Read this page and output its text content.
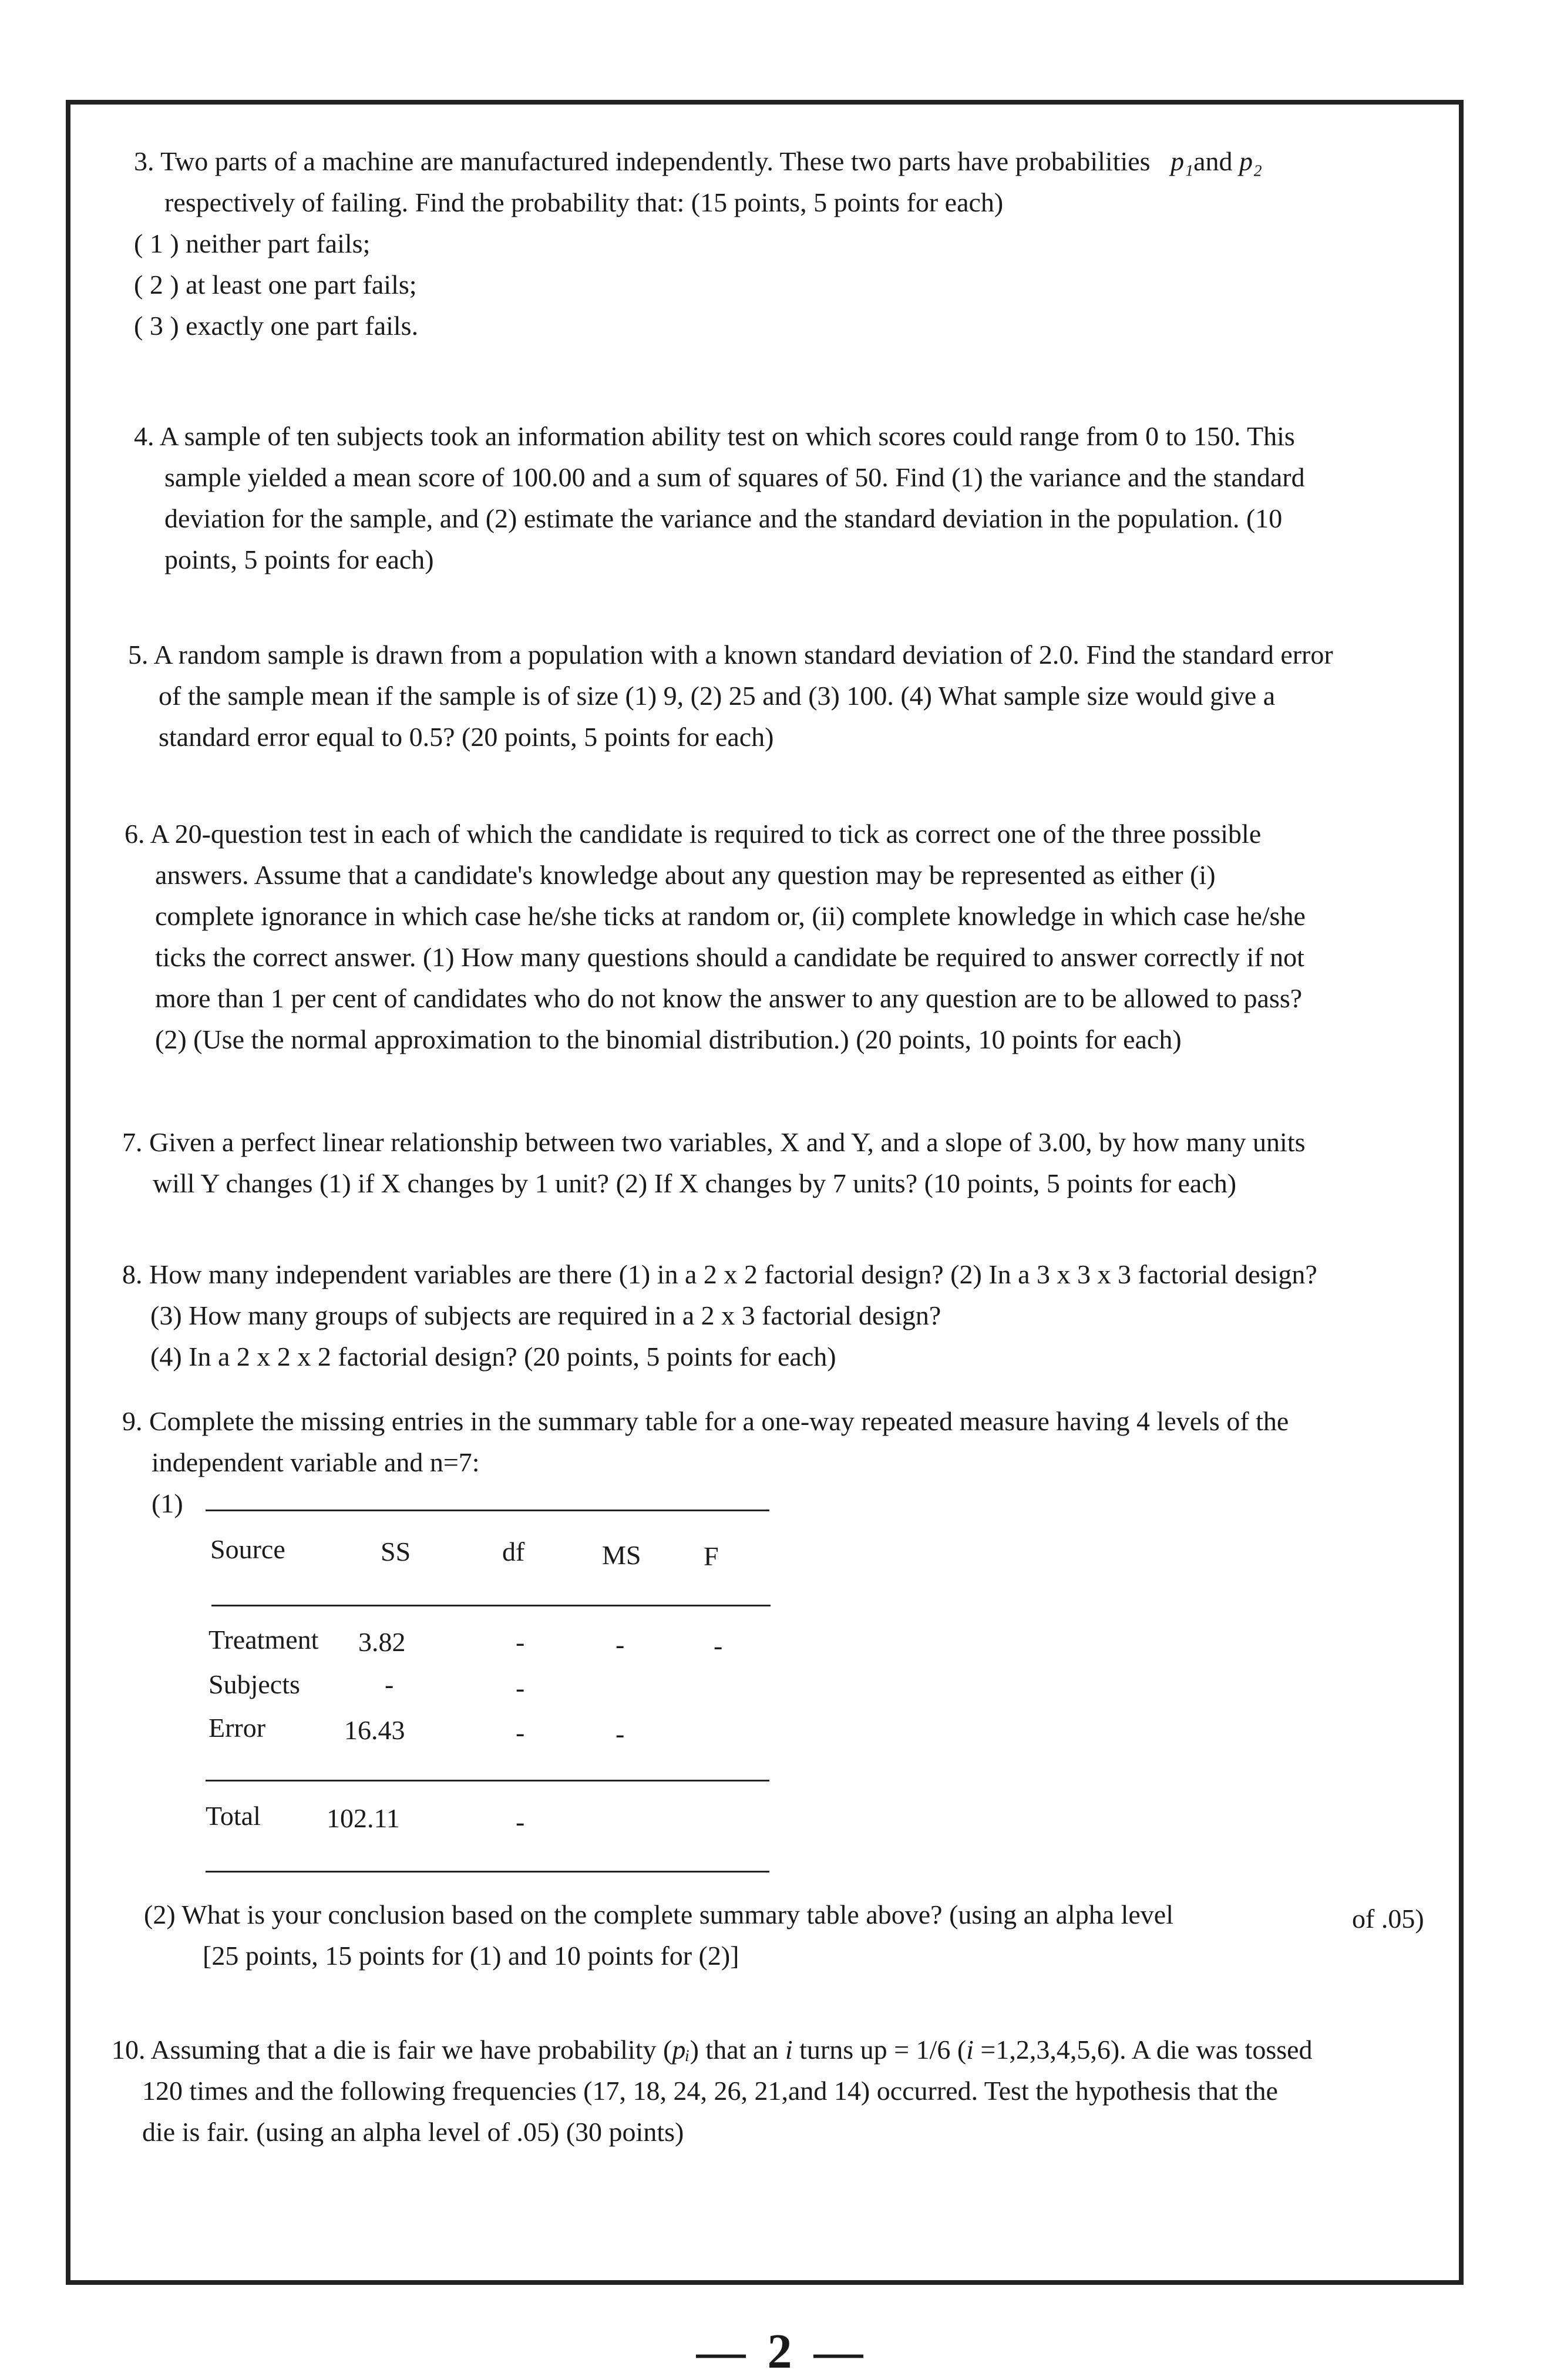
3. Two parts of a machine are manufactured independently. These two parts have probabilities p₁and p₂
respectively of failing. Find the probability that: (15 points, 5 points for each)
( 1 ) neither part fails;
( 2 ) at least one part fails;
( 3 ) exactly one part fails.
4. A sample of ten subjects took an information ability test on which scores could range from 0 to 150. This
sample yielded a mean score of 100.00 and a sum of squares of 50. Find (1) the variance and the standard
deviation for the sample, and (2) estimate the variance and the standard deviation in the population. (10
points, 5 points for each)
5. A random sample is drawn from a population with a known standard deviation of 2.0. Find the standard error
of the sample mean if the sample is of size (1) 9, (2) 25 and (3) 100. (4) What sample size would give a
standard error equal to 0.5? (20 points, 5 points for each)
6. A 20-question test in each of which the candidate is required to tick as correct one of the three possible
answers. Assume that a candidate's knowledge about any question may be represented as either (i)
complete ignorance in which case he/she ticks at random or, (ii) complete knowledge in which case he/she
ticks the correct answer. (1) How many questions should a candidate be required to answer correctly if not
more than 1 per cent of candidates who do not know the answer to any question are to be allowed to pass?
(2) (Use the normal approximation to the binomial distribution.) (20 points, 10 points for each)
7. Given a perfect linear relationship between two variables, X and Y, and a slope of 3.00, by how many units
will Y changes (1) if X changes by 1 unit? (2) If X changes by 7 units? (10 points, 5 points for each)
8. How many independent variables are there (1) in a 2 x 2 factorial design? (2) In a 3 x 3 x 3 factorial design?
(3) How many groups of subjects are required in a 2 x 3 factorial design?
(4) In a 2 x 2 x 2 factorial design? (20 points, 5 points for each)
9. Complete the missing entries in the summary table for a one-way repeated measure having 4 levels of the
independent variable and n=7:
(1)
Source	SS	df	MS F
Treatment 3.82	-	-	-
Subjects	-	-
Error	16.43	-	-
Total 102.11	-
(2) What is your conclusion based on the complete summary table above? (using an alpha level
[25 points, 15 points for (1) and 10 points for (2)]
of .05)
10. Assuming that a die is fair we have probability (pᵢ) that an i turns up = 1/6 (i =1,2,3,4,5,6). A die was tossed
120 times and the following frequencies (17, 18, 24, 26, 21,and 14) occurred. Test the hypothesis that the
die is fair. (using an alpha level of .05) (30 points)
— 2 —
